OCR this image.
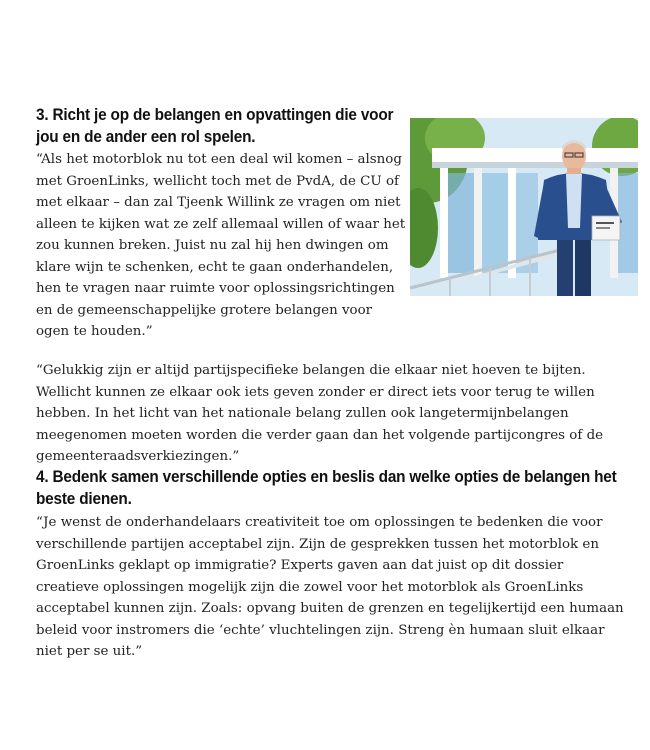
3. Richt je op de belangen en opvattingen die voor jou en de ander een rol spelen.

“Als het motorblok nu tot een deal wil komen – alsnog met GroenLinks, wellicht toch met de PvdA, de CU of met elkaar – dan zal Tjeenk Willink ze vragen om niet alleen te kijken wat ze zelf allemaal willen of waar het zou kunnen breken. Juist nu zal hij hen dwingen om klare wijn te schenken, echt te gaan onderhandelen, hen te vragen naar ruimte voor oplossingsrichtingen en de gemeenschappelijke grotere belangen voor ogen te houden.”

“Gelukkig zijn er altijd partijspecifieke belangen die elkaar niet hoeven te bijten. Wellicht kunnen ze elkaar ook iets geven zonder er direct iets voor terug te willen hebben. In het licht van het nationale belang zullen ook langetermijnbelangen meegenomen moeten worden die verder gaan dan het volgende partijcongres of de gemeenteraadsverkiezingen.”

4. Bedenk samen verschillende opties en beslis dan welke opties de belangen het beste dienen.

“Je wenst de onderhandelaars creativiteit toe om oplossingen te bedenken die voor verschillende partijen acceptabel zijn. Zijn de gesprekken tussen het motorblok en GroenLinks geklapt op immigratie? Experts gaven aan dat juist op dit dossier creatieve oplossingen mogelijk zijn die zowel voor het motorblok als GroenLinks acceptabel kunnen zijn. Zoals: opvang buiten de grenzen en tegelijkertijd een humaan beleid voor instromers die ‘echte’ vluchtelingen zijn. Streng èn humaan sluit elkaar niet per se uit.”
